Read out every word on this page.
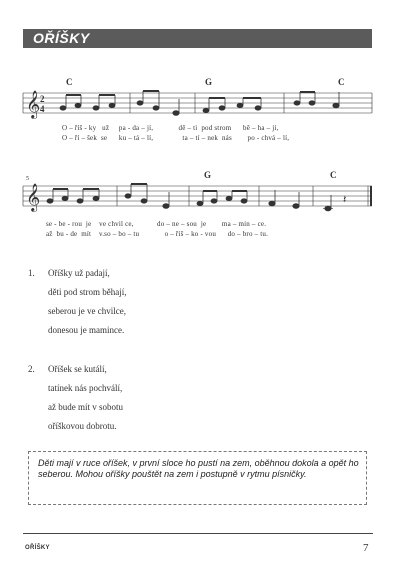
OŘÍŠKY
C	G	C
𝄞 2
4
O – říš - ky   už     pa - da – jí,             dě – ti  pod strom      bě – ha – jí,
O – ří – šek  se      ku – tá – lí,               ta – tí – nek  nás        po - chvá – lí,
5	G	C
𝄞	𝄽
se - be - rou  je    ve chvil ce,            do – ne – sou  je        ma – min – ce.
až  bu - de  mít    v.so – bo – tu             o – říš – ko - vou      do – bro – tu.
1. Oříšky už padají,
děti pod strom běhají,
seberou je ve chvilce,
donesou je mamince.
2. Oříšek se kutálí,
tatínek nás pochválí,
až bude mít v sobotu
oříškovou dobrotu.

Děti mají v ruce oříšek, v první sloce ho pustí na zem, oběhnou dokola a opět ho seberou. Mohou oříšky pouštět na zem i postupně v rytmu písničky.

OŘÍŠKY	7
